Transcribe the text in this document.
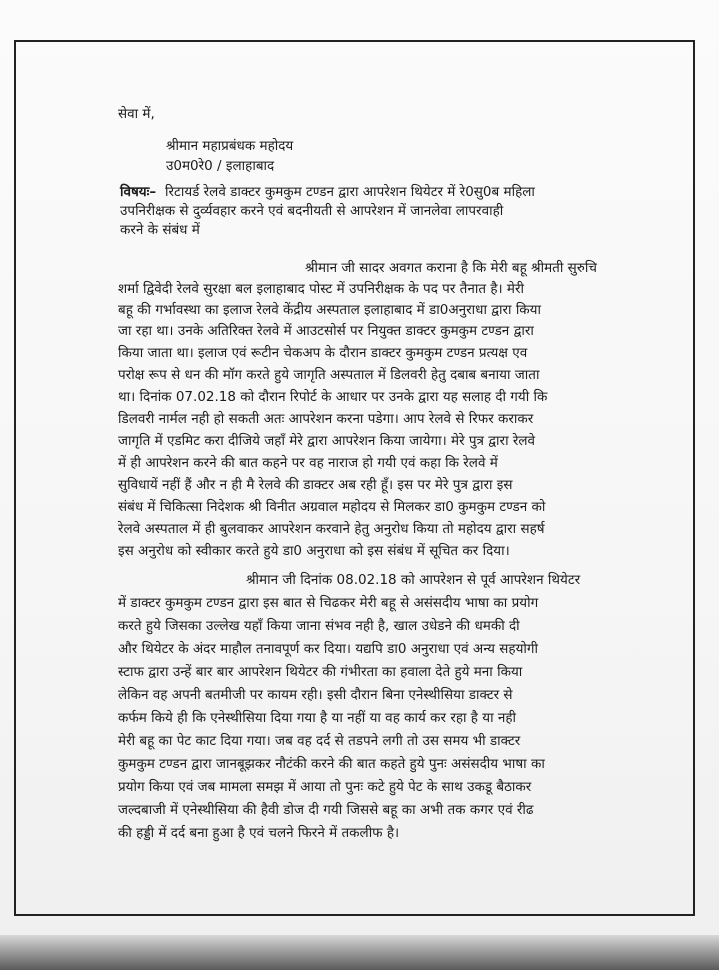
सेवा में,
श्रीमान महाप्रबंधक महोदय
उ0म0रे0 / इलाहाबाद
विषयः– रिटायर्ड रेलवे डाक्टर कुमकुम टण्डन द्वारा आपरेशन थियेटर में रे0सु0ब महिला
उपनिरीक्षक से दुर्व्यवहार करने एवं बदनीयती से आपरेशन में जानलेवा लापरवाही
करने के संबंध में
श्रीमान जी सादर अवगत कराना है कि मेरी बहू श्रीमती सुरुचि
शर्मा द्विवेदी रेलवे सुरक्षा बल इलाहाबाद पोस्ट में उपनिरीक्षक के पद पर तैनात है। मेरी
बहू की गर्भावस्था का इलाज रेलवे केंद्रीय अस्पताल इलाहाबाद में डा0अनुराधा द्वारा किया
जा रहा था। उनके अतिरिक्त रेलवे में आउटसोर्स पर नियुक्त डाक्टर कुमकुम टण्डन द्वारा
किया जाता था। इलाज एवं रूटीन चेकअप के दौरान डाक्टर कुमकुम टण्डन प्रत्यक्ष एव
परोक्ष रूप से धन की मॉग करते हुये जागृति अस्पताल में डिलवरी हेतु दबाब बनाया जाता
था। दिनांक 07.02.18 को दौरान रिपोर्ट के आधार पर उनके द्वारा यह सलाह दी गयी कि
डिलवरी नार्मल नही हो सकती अतः आपरेशन करना पडेगा। आप रेलवे से रिफर कराकर
जागृति में एडमिट करा दीजिये जहाँ मेरे द्वारा आपरेशन किया जायेगा। मेरे पुत्र द्वारा रेलवे
में ही आपरेशन करने की बात कहने पर वह नाराज हो गयी एवं कहा कि रेलवे में
सुविधायें नहीं हैं और न ही मै रेलवे की डाक्टर अब रही हूँ। इस पर मेरे पुत्र द्वारा इस
संबंध में चिकित्सा निदेशक श्री विनीत अग्रवाल महोदय से मिलकर डा0 कुमकुम टण्डन को
रेलवे अस्पताल में ही बुलवाकर आपरेशन करवाने हेतु अनुरोध किया तो महोदय द्वारा सहर्ष
इस अनुरोध को स्वीकार करते हुये डा0 अनुराधा को इस संबंध में सूचित कर दिया।
श्रीमान जी दिनांक 08.02.18 को आपरेशन से पूर्व आपरेशन थियेटर
में डाक्टर कुमकुम टण्डन द्वारा इस बात से चिढकर मेरी बहू से असंसदीय भाषा का प्रयोग
करते हुये जिसका उल्लेख यहाँ किया जाना संभव नही है, खाल उधेडने की धमकी दी
और थियेटर के अंदर माहौल तनावपूर्ण कर दिया। यद्यपि डा0 अनुराधा एवं अन्य सहयोगी
स्टाफ द्वारा उन्हें बार बार आपरेशन थियेटर की गंभीरता का हवाला देते हुये मना किया
लेकिन वह अपनी बतमीजी पर कायम रही। इसी दौरान बिना एनेस्थीसिया डाक्टर से
कर्फम किये ही कि एनेस्थीसिया दिया गया है या नहीं या वह कार्य कर रहा है या नही
मेरी बहू का पेट काट दिया गया। जब वह दर्द से तडपने लगी तो उस समय भी डाक्टर
कुमकुम टण्डन द्वारा जानबूझकर नौटंकी करने की बात कहते हुये पुनः असंसदीय भाषा का
प्रयोग किया एवं जब मामला समझ में आया तो पुनः कटे हुये पेट के साथ उकडू बैठाकर
जल्दबाजी में एनेस्थीसिया की हैवी डोज दी गयी जिससे बहू का अभी तक कगर एवं रीढ
की हड्डी में दर्द बना हुआ है एवं चलने फिरने में तकलीफ है।
